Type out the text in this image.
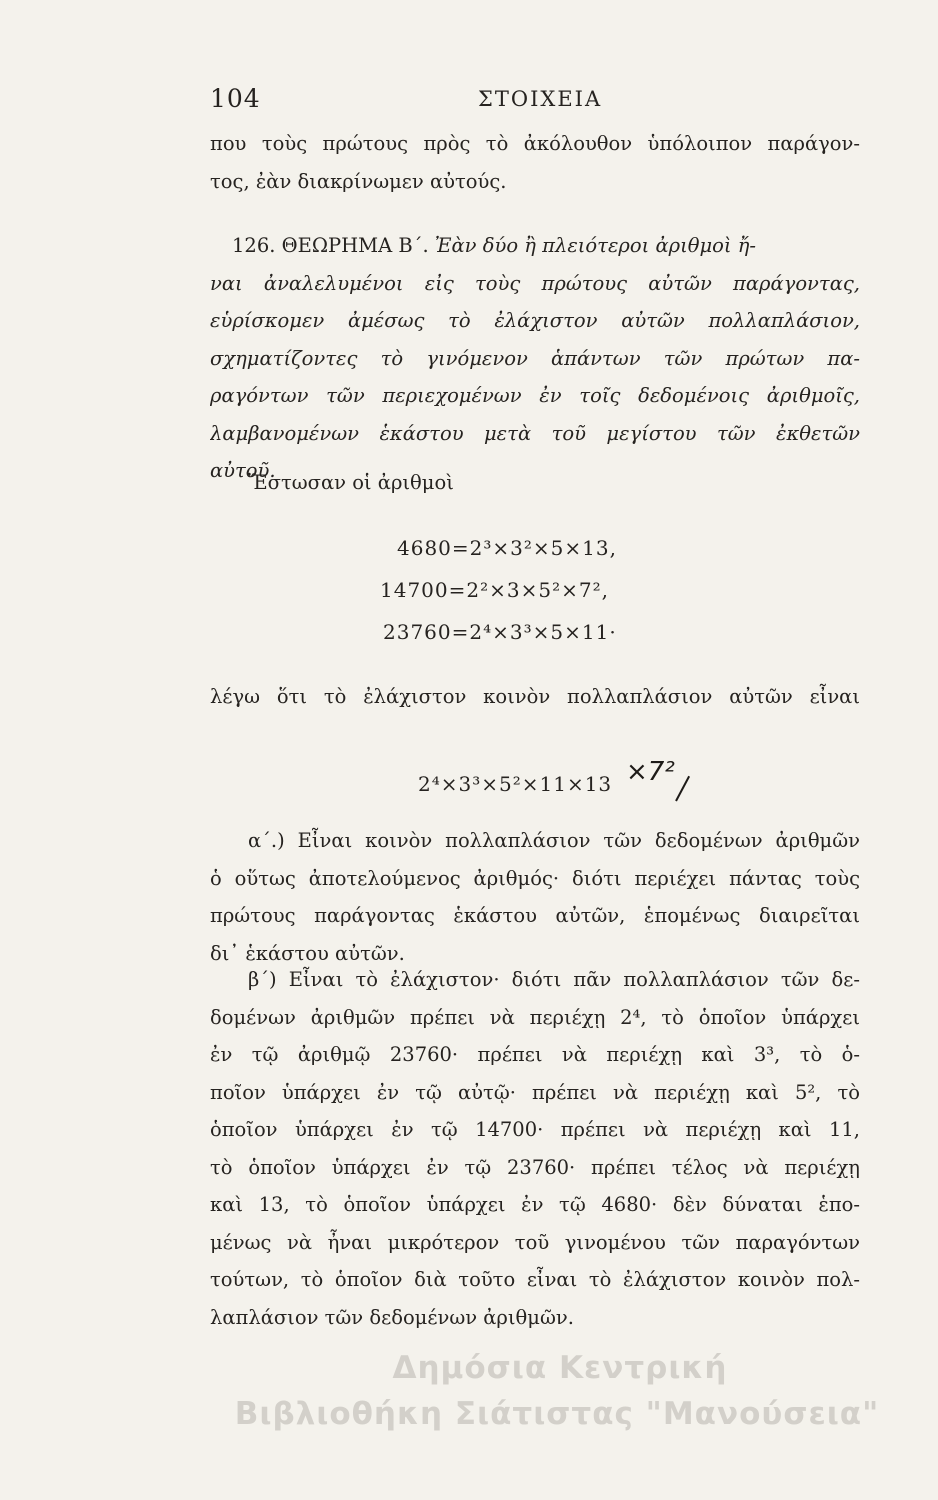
104	ΣΤΟΙΧΕΙΑ
που τοὺς πρώτους πρὸς τὸ ἀκόλουθον ὑπόλοιπον παράγον-
τος, ἐὰν διακρίνωμεν αὐτούς.
126. ΘΕΩΡΗΜΑ Β΄. Ἐὰν δύο ἢ πλειότεροι ἀριθμοὶ ἤ-
ναι ἀναλελυμένοι εἰς τοὺς πρώτους αὐτῶν παράγοντας,
εὑρίσκομεν ἀμέσως τὸ ἐλάχιστον αὐτῶν πολλαπλάσιον,
σχηματίζοντες τὸ γινόμενον ἁπάντων τῶν πρώτων πα-
ραγόντων τῶν περιεχομένων ἐν τοῖς δεδομένοις ἀριθμοῖς,
λαμβανομένων ἑκάστου μετὰ τοῦ μεγίστου τῶν ἐκθετῶν
αὐτοῦ.
Ἔστωσαν οἱ ἀριθμοὶ
4680=2³×3²×5×13,
14700=2²×3×5²×7²,
23760=2⁴×3³×5×11·
λέγω ὅτι τὸ ἐλάχιστον κοινὸν πολλαπλάσιον αὐτῶν εἶναι
2⁴×3³×5²×11×13 ×7²
α΄.) Εἶναι κοινὸν πολλαπλάσιον τῶν δεδομένων ἀριθμῶν
ὁ οὕτως ἀποτελούμενος ἀριθμός· διότι περιέχει πάντας τοὺς
πρώτους παράγοντας ἑκάστου αὐτῶν, ἑπομένως διαιρεῖται
δι᾿ ἑκάστου αὐτῶν.
β΄) Εἶναι τὸ ἐλάχιστον· διότι πᾶν πολλαπλάσιον τῶν δε-
δομένων ἀριθμῶν πρέπει νὰ περιέχῃ 2⁴, τὸ ὁποῖον ὑπάρχει
ἐν τῷ ἀριθμῷ 23760· πρέπει νὰ περιέχῃ καὶ 3³, τὸ ὁ-
ποῖον ὑπάρχει ἐν τῷ αὐτῷ· πρέπει νὰ περιέχῃ καὶ 5², τὸ
ὁποῖον ὑπάρχει ἐν τῷ 14700· πρέπει νὰ περιέχῃ καὶ 11,
τὸ ὁποῖον ὑπάρχει ἐν τῷ 23760· πρέπει τέλος νὰ περιέχῃ
καὶ 13, τὸ ὁποῖον ὑπάρχει ἐν τῷ 4680· δὲν δύναται ἑπο-
μένως νὰ ἦναι μικρότερον τοῦ γινομένου τῶν παραγόντων
τούτων, τὸ ὁποῖον διὰ τοῦτο εἶναι τὸ ἐλάχιστον κοινὸν πολ-
λαπλάσιον τῶν δεδομένων ἀριθμῶν.
Δημόσια Κεντρική
Βιβλιοθήκη Σιάτιστας "Μανούσεια"
